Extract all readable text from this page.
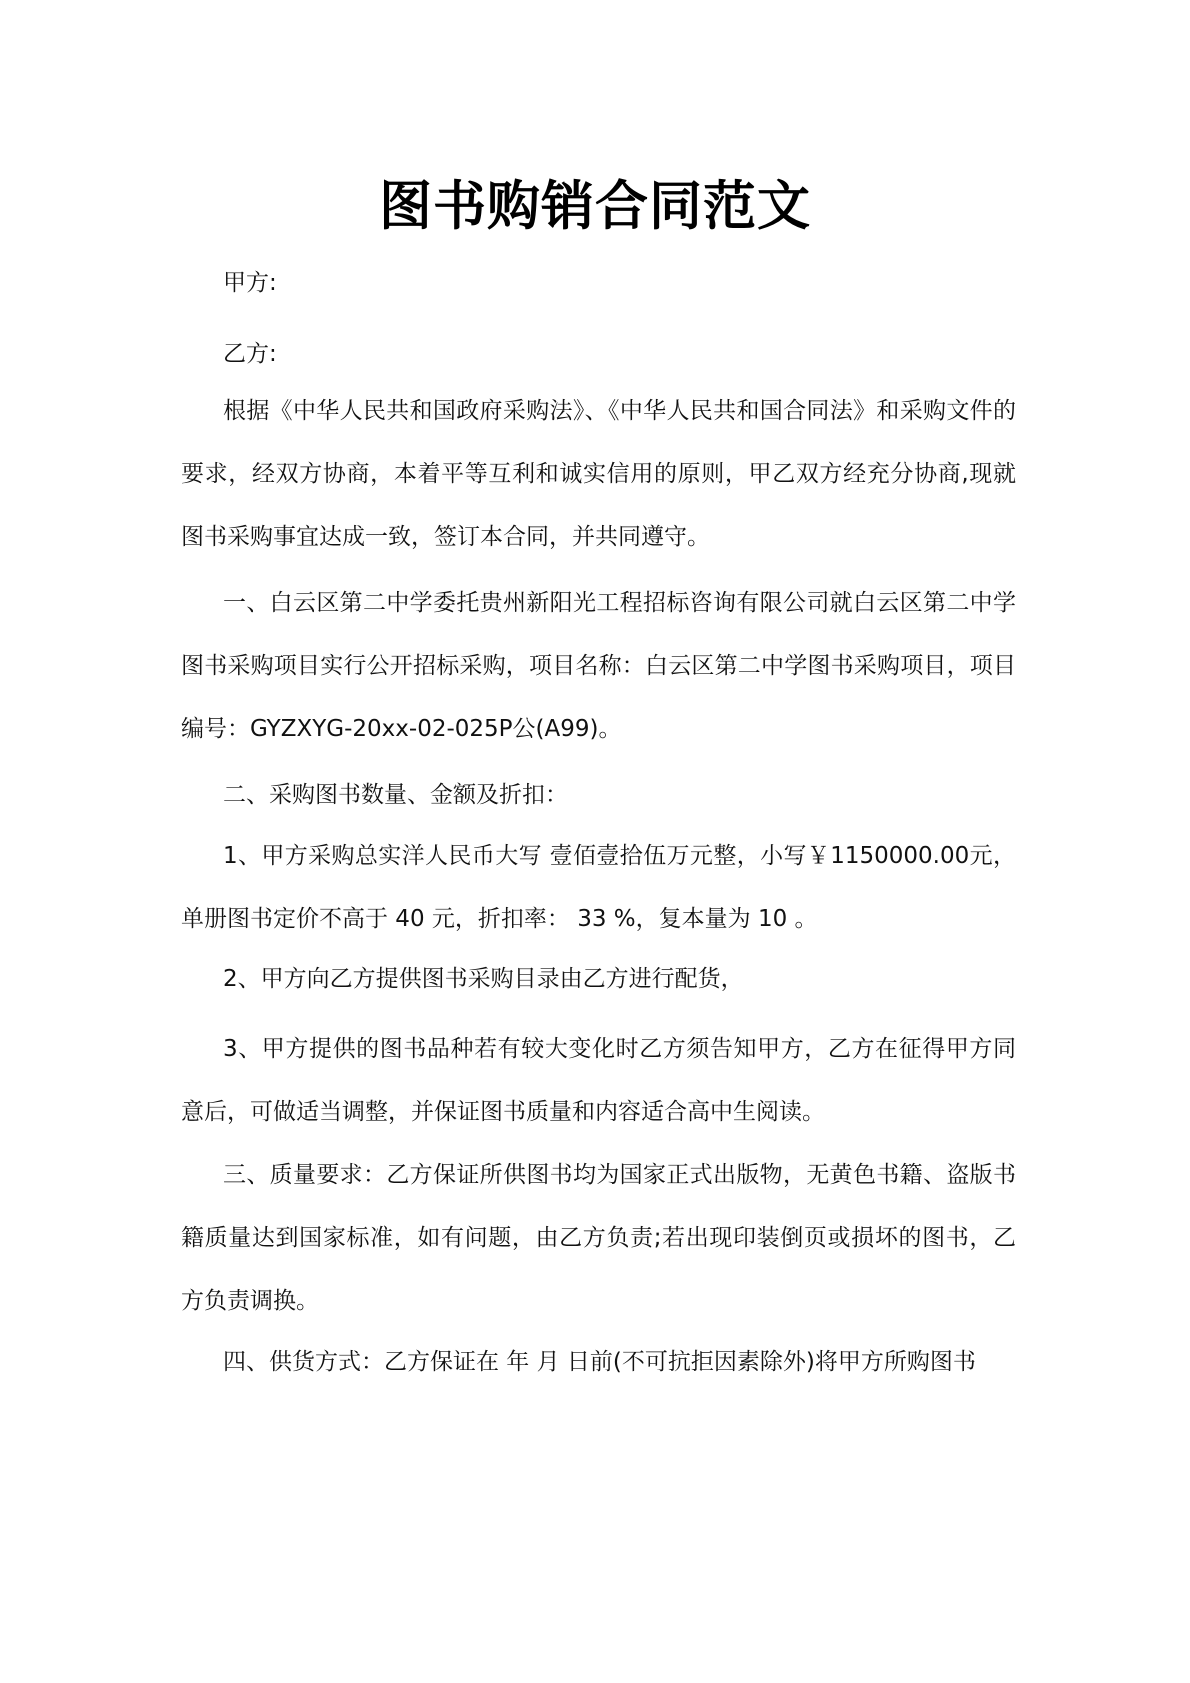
图书购销合同范文

甲方:

乙方:

根据《中华人民共和国政府采购法》、《中华人民共和国合同法》和采购文件的要求，经双方协商，本着平等互利和诚实信用的原则，甲乙双方经充分协商,现就图书采购事宜达成一致，签订本合同，并共同遵守。

一、白云区第二中学委托贵州新阳光工程招标咨询有限公司就白云区第二中学图书采购项目实行公开招标采购，项目名称：白云区第二中学图书采购项目，项目编号：GYZXYG-20xx-02-025P公(A99)。

二、采购图书数量、金额及折扣：

1、甲方采购总实洋人民币大写 壹佰壹拾伍万元整，小写￥1150000.00元，单册图书定价不高于 40 元，折扣率： 33 %，复本量为 10 。

2、甲方向乙方提供图书采购目录由乙方进行配货，

3、甲方提供的图书品种若有较大变化时乙方须告知甲方，乙方在征得甲方同意后，可做适当调整，并保证图书质量和内容适合高中生阅读。

三、质量要求：乙方保证所供图书均为国家正式出版物，无黄色书籍、盗版书籍质量达到国家标准，如有问题，由乙方负责;若出现印装倒页或损坏的图书，乙方负责调换。

四、供货方式：乙方保证在 年 月 日前(不可抗拒因素除外)将甲方所购图书
